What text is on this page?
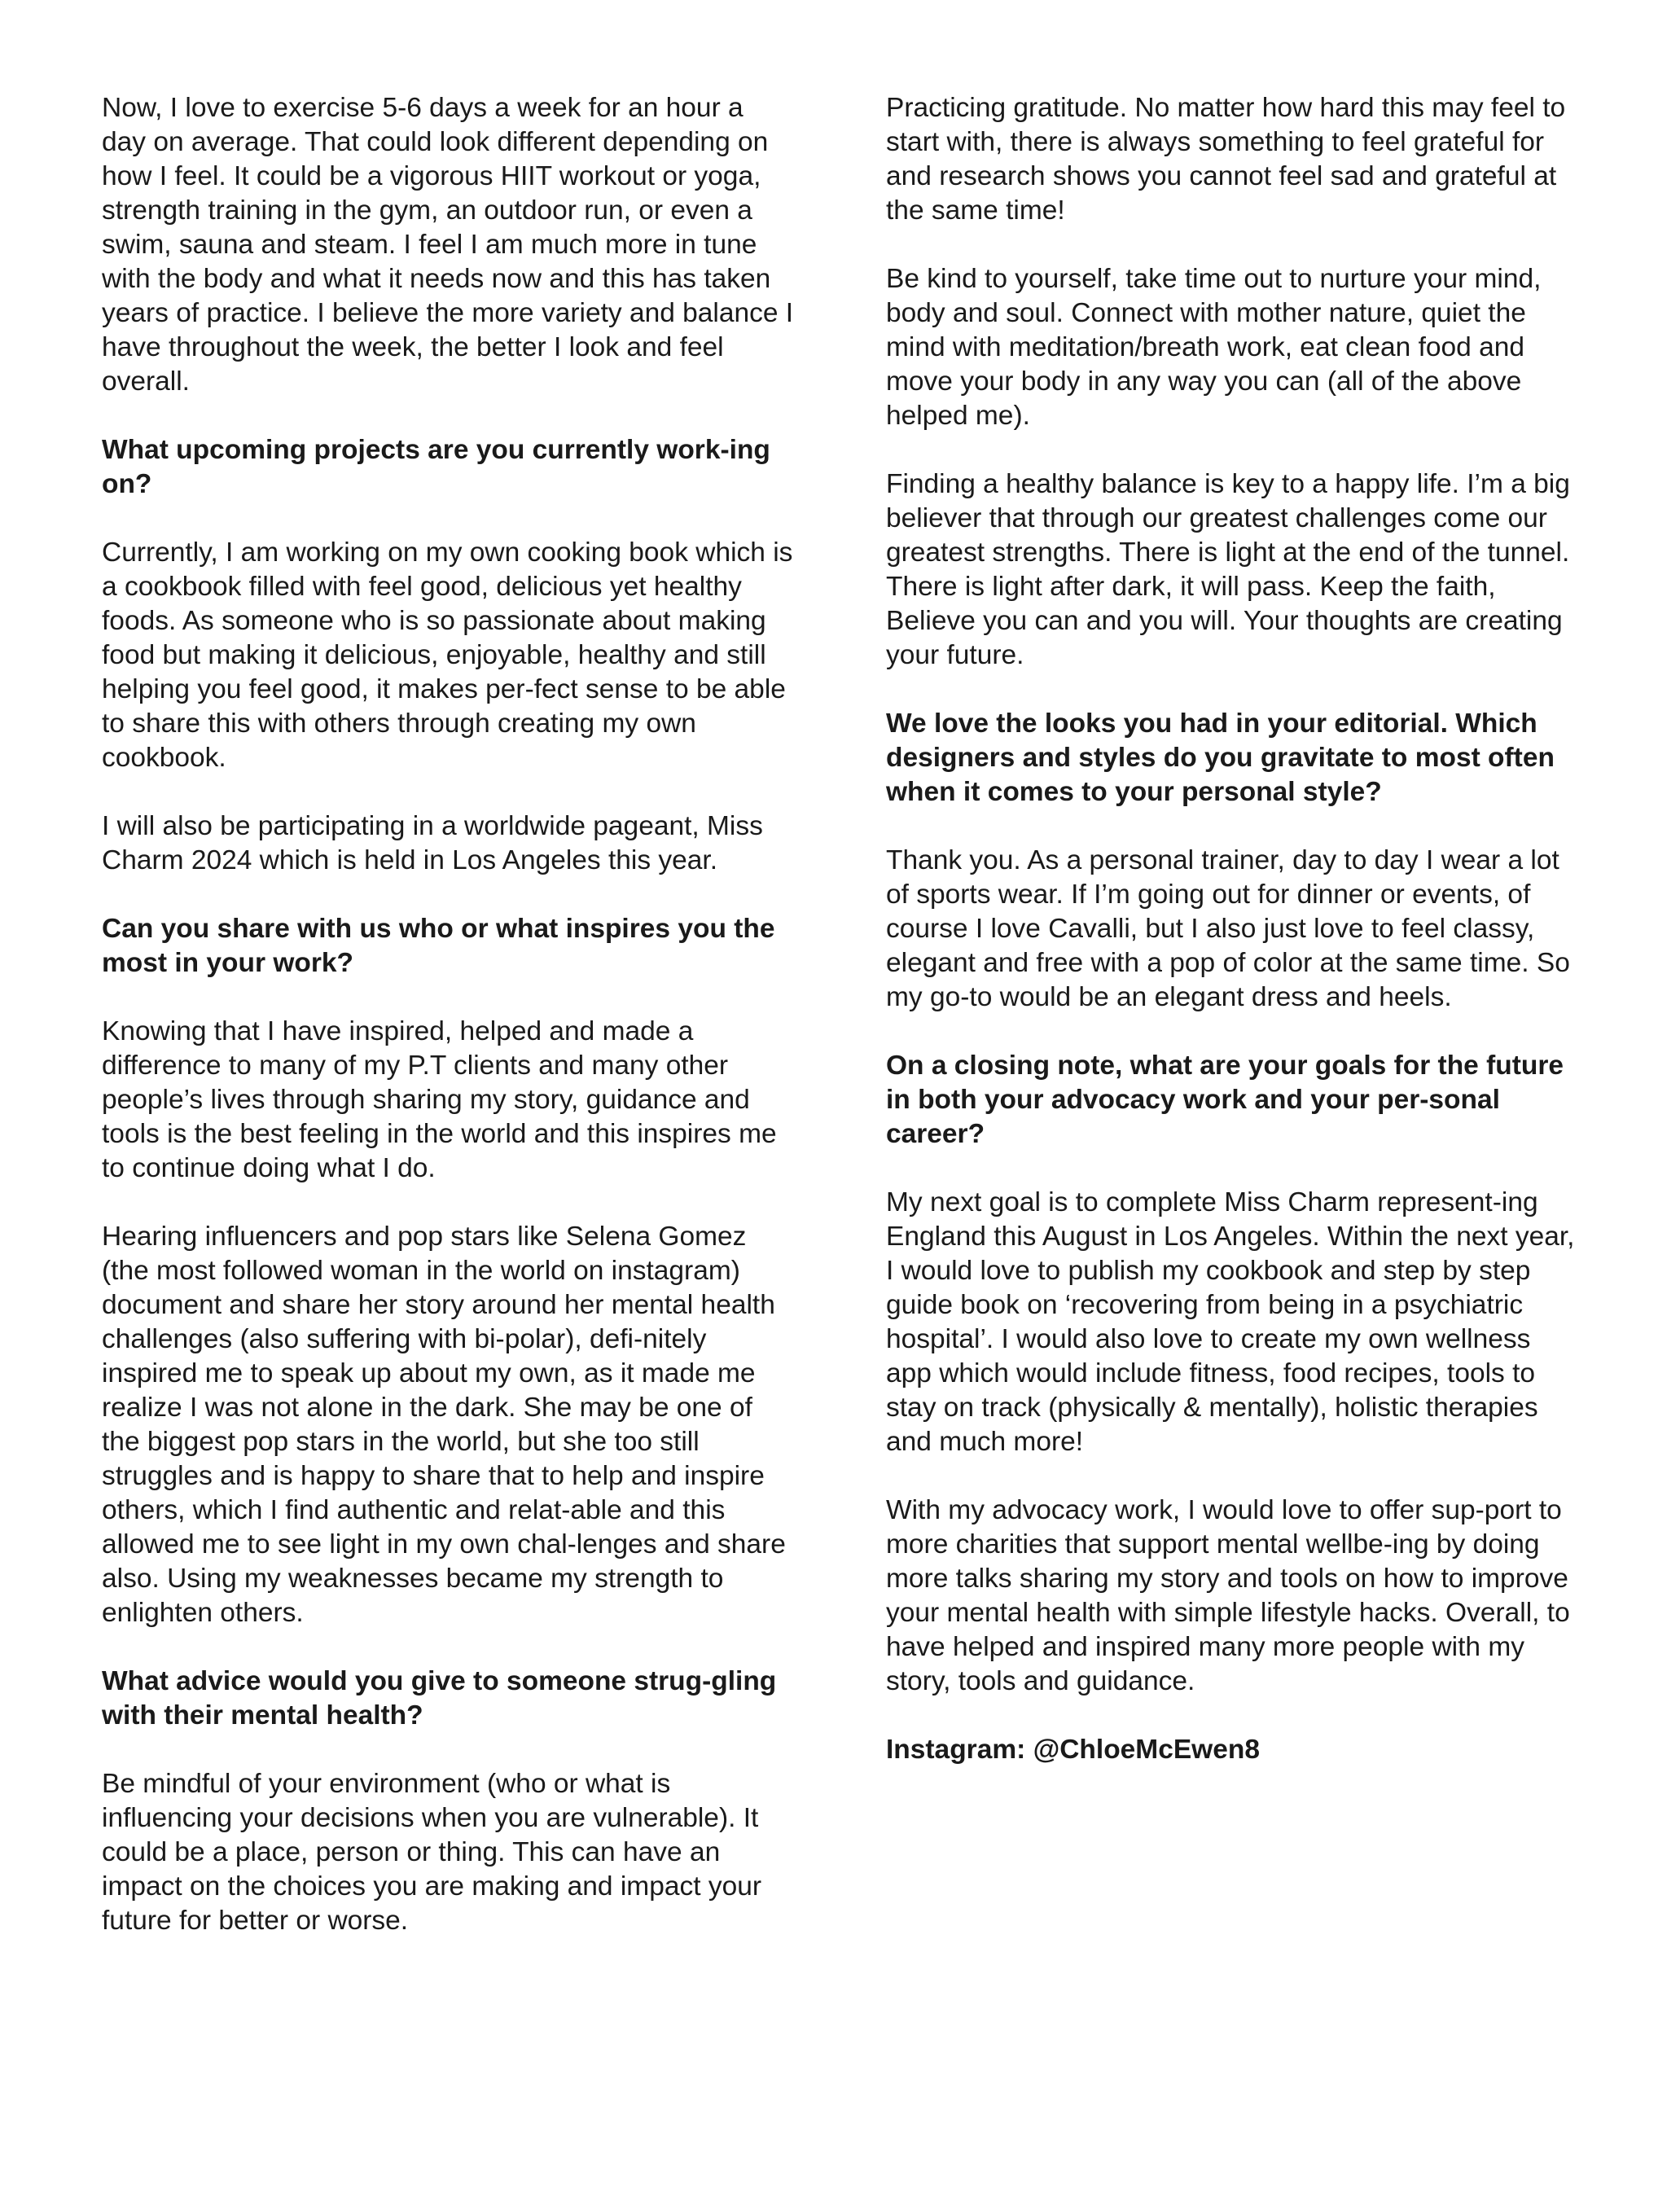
Now, I love to exercise 5-6 days a week for an hour a day on average. That could look different depending on how I feel. It could be a vigorous HIIT workout or yoga, strength training in the gym, an outdoor run, or even a swim, sauna and steam. I feel I am much more in tune with the body and what it needs now and this has taken years of practice. I believe the more variety and balance I have throughout the week, the better I look and feel overall.

What upcoming projects are you currently work-ing on?

Currently, I am working on my own cooking book which is a cookbook filled with feel good, delicious yet healthy foods. As someone who is so passionate about making food but making it delicious, enjoyable, healthy and still helping you feel good, it makes per-fect sense to be able to share this with others through creating my own cookbook.

I will also be participating in a worldwide pageant, Miss Charm 2024 which is held in Los Angeles this year.

Can you share with us who or what inspires you the most in your work?

Knowing that I have inspired, helped and made a difference to many of my P.T clients and many other people’s lives through sharing my story, guidance and tools is the best feeling in the world and this inspires me to continue doing what I do.

Hearing influencers and pop stars like Selena Gomez (the most followed woman in the world on instagram) document and share her story around her mental health challenges (also suffering with bi-polar), defi-nitely inspired me to speak up about my own, as it made me realize I was not alone in the dark. She may be one of the biggest pop stars in the world, but she too still struggles and is happy to share that to help and inspire others, which I find authentic and relat-able and this allowed me to see light in my own chal-lenges and share also. Using my weaknesses became my strength to enlighten others.

What advice would you give to someone strug-gling with their mental health?

Be mindful of your environment (who or what is influencing your decisions when you are vulnerable). It could be a place, person or thing. This can have an impact on the choices you are making and impact your future for better or worse.

Practicing gratitude. No matter how hard this may feel to start with, there is always something to feel grateful for and research shows you cannot feel sad and grateful at the same time!

Be kind to yourself, take time out to nurture your mind, body and soul. Connect with mother nature, quiet the mind with meditation/breath work, eat clean food and move your body in any way you can (all of the above helped me).

Finding a healthy balance is key to a happy life. I’m a big believer that through our greatest challenges come our greatest strengths. There is light at the end of the tunnel. There is light after dark, it will pass. Keep the faith, Believe you can and you will. Your thoughts are creating your future.

We love the looks you had in your editorial. Which designers and styles do you gravitate to most often when it comes to your personal style?

Thank you. As a personal trainer, day to day I wear a lot of sports wear. If I’m going out for dinner or events, of course I love Cavalli, but I also just love to feel classy, elegant and free with a pop of color at the same time. So my go-to would be an elegant dress and heels.

On a closing note, what are your goals for the future in both your advocacy work and your per-sonal career?

My next goal is to complete Miss Charm represent-ing England this August in Los Angeles. Within the next year, I would love to publish my cookbook and step by step guide book on ‘recovering from being in a psychiatric hospital’. I would also love to create my own wellness app which would include fitness, food recipes, tools to stay on track (physically & mentally), holistic therapies and much more!

With my advocacy work, I would love to offer sup-port to more charities that support mental wellbe-ing by doing more talks sharing my story and tools on how to improve your mental health with simple lifestyle hacks. Overall, to have helped and inspired many more people with my story, tools and guidance.

Instagram: @ChloeMcEwen8
